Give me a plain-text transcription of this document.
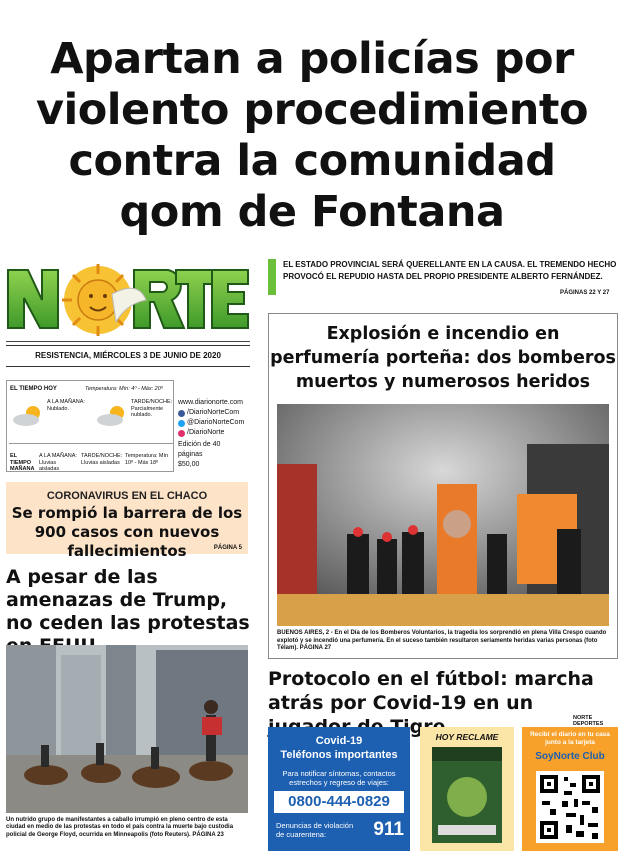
Apartan a policías por violento procedimiento contra la comunidad qom de Fontana
RESISTENCIA, MIÉRCOLES 3 DE JUNIO DE 2020
EL TIEMPO HOY	Temperatura: Mín: 4º - Máx: 20º
A LA MAÑANA: Nublado.
TARDE/NOCHE: Parcialmente nublado.
EL TIEMPO MAÑANA
A LA MAÑANA: Lluvias aisladas
TARDE/NOCHE: Lluvias aisladas
Temperatura: Mín 10º - Máx 18º
www.diarionorte.com
/DiarioNorteCom
@DiarioNorteCom
/DiarioNorte
Edición de 40 páginas
$50,00
CORONAVIRUS EN EL CHACO
Se rompió la barrera de los 900 casos con nuevos fallecimientos	PÁGINA 5
A pesar de las amenazas de Trump, no ceden las protestas
Un nutrido grupo de manifestantes a caballo irrumpió en pleno centro de esta ciudad en medio de las protestas en todo el país contra la muerte bajo custodia policial de George Floyd, ocurrida en Minneapolis (foto Reuters). PÁGINA 23
EL ESTADO PROVINCIAL SERÁ QUERELLANTE EN LA CAUSA. EL TREMENDO HECHO PROVOCÓ EL REPUDIO HASTA DEL PROPIO PRESIDENTE ALBERTO FERNÁNDEZ.
PÁGINAS 22 Y 27
Explosión e incendio en perfumería porteña: dos bomberos muertos y numerosos heridos
BUENOS AIRES, 2 - En el Día de los Bomberos Voluntarios, la tragedia los sorprendió en plena Villa Crespo cuando explotó y se incendió una perfumería. En el suceso también resultaron seriamente heridas varias personas (foto Télam). PÁGINA 27
Protocolo en el fútbol: marcha atrás por Covid-19 en un Tigre	NORTE DEPORTES
Covid-19
Teléfonos importantes
Para notificar síntomas, contactos estrechos y regreso de viajes:
0800-444-0829
Denuncias de violación de cuarentena:	911
HOY RECLAME	Recibí el diario en tu casa junto a la tarjeta
SoyNorte Club
